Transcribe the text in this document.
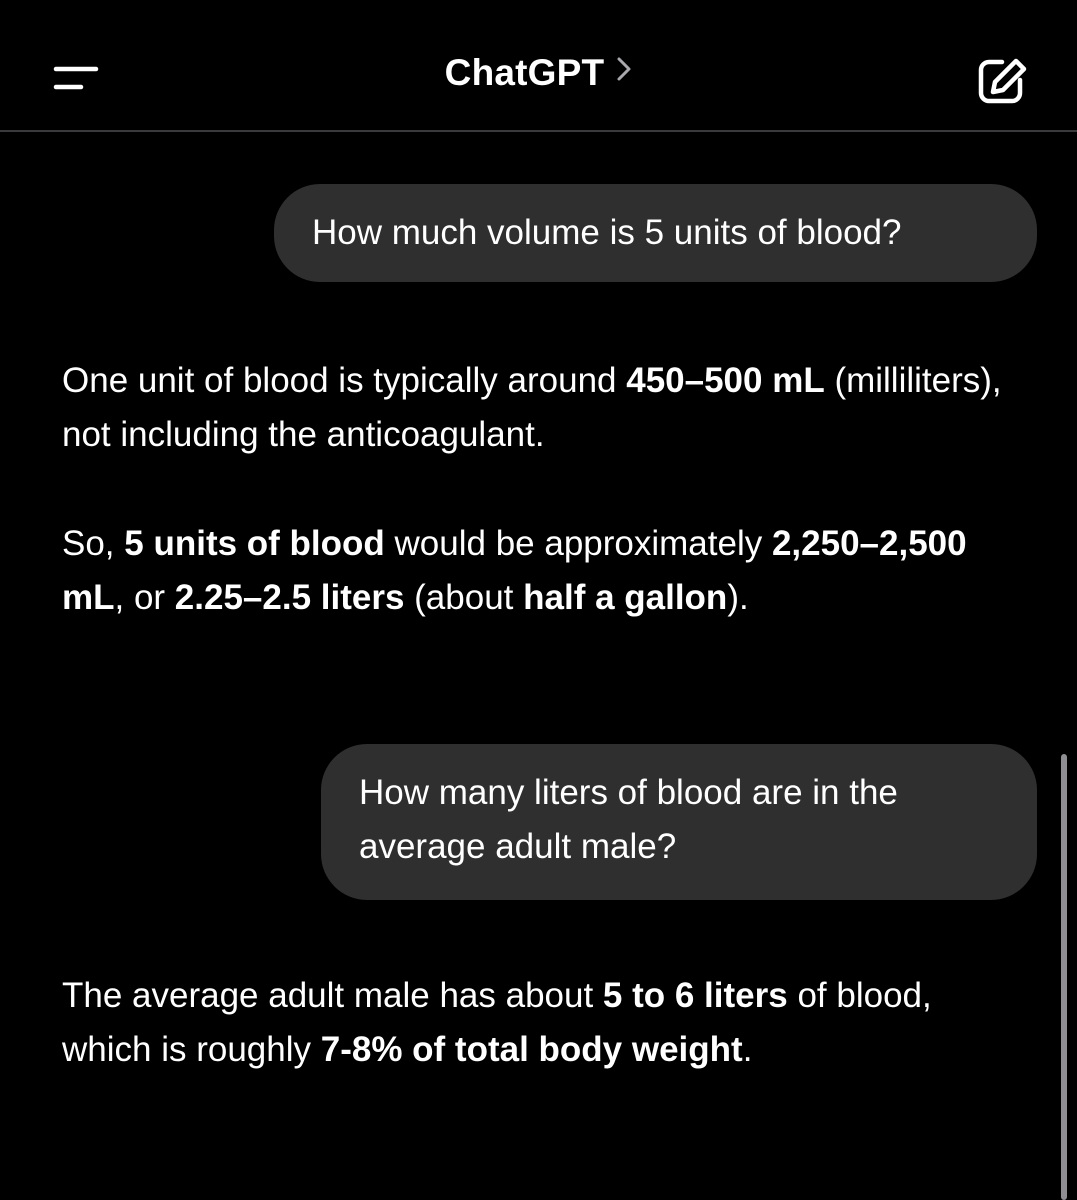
ChatGPT
How much volume is 5 units of blood?

One unit of blood is typically around 450–500 mL (milliliters), not including the anticoagulant.

So, 5 units of blood would be approximately 2,250–2,500 mL, or 2.25–2.5 liters (about half a gallon).

How many liters of blood are in the average adult male?

The average adult male has about 5 to 6 liters of blood, which is roughly 7-8% of total body weight.
